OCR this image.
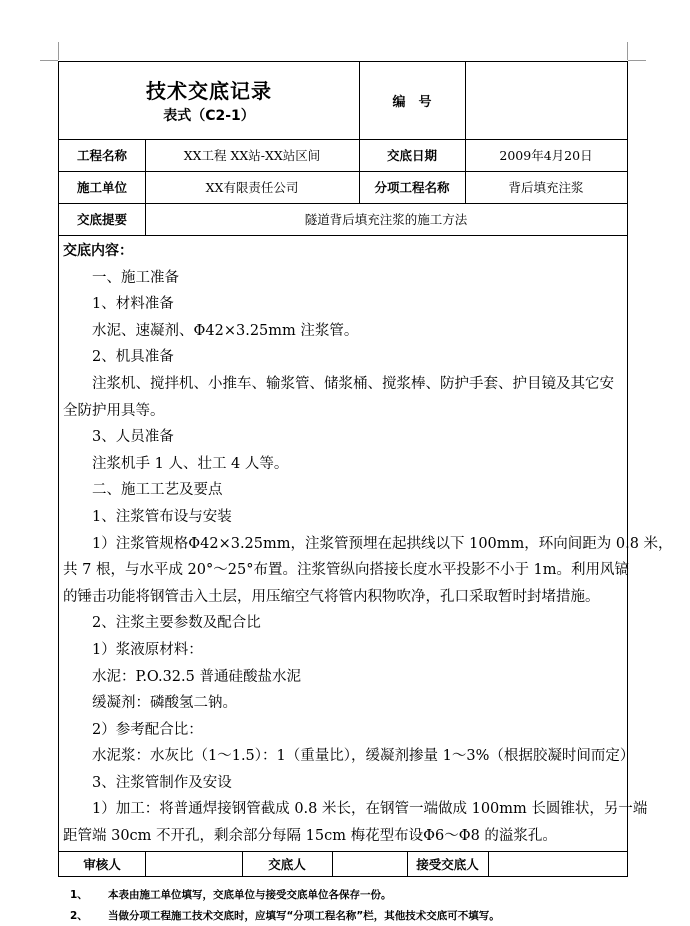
技术交底记录
表式（C2-1）
编　号
工程名称	XX工程 XX站-XX站区间	交底日期	2009年4月20日
施工单位	XX有限责任公司	分项工程名称	背后填充注浆
交底提要	隧道背后填充注浆的施工方法
交底内容：
一、施工准备
1、材料准备
水泥、速凝剂、Φ42×3.25mm 注浆管。
2、机具准备
注浆机、搅拌机、小推车、输浆管、储浆桶、搅浆棒、防护手套、护目镜及其它安
全防护用具等。
3、人员准备
注浆机手 1 人、壮工 4 人等。
二、施工工艺及要点
1、注浆管布设与安装
1）注浆管规格Φ42×3.25mm，注浆管预埋在起拱线以下 100mm，环向间距为 0.8 米，
共 7 根，与水平成 20°～25°布置。注浆管纵向搭接长度水平投影不小于 1m。利用风镐
的锤击功能将钢管击入土层，用压缩空气将管内积物吹净，孔口采取暂时封堵措施。
2、注浆主要参数及配合比
1）浆液原材料：
水泥：P.O.32.5 普通硅酸盐水泥
缓凝剂：磷酸氢二钠。
2）参考配合比：
水泥浆：水灰比（1～1.5）：1（重量比），缓凝剂掺量 1～3%（根据胶凝时间而定）
3、注浆管制作及安设
1）加工：将普通焊接钢管截成 0.8 米长，在钢管一端做成 100mm 长圆锥状，另一端
距管端 30cm 不开孔，剩余部分每隔 15cm 梅花型布设Φ6～Φ8 的溢浆孔。
审核人	交底人	接受交底人
1、 本表由施工单位填写，交底单位与接受交底单位各保存一份。
2、 当做分项工程施工技术交底时，应填写“分项工程名称”栏，其他技术交底可不填写。
